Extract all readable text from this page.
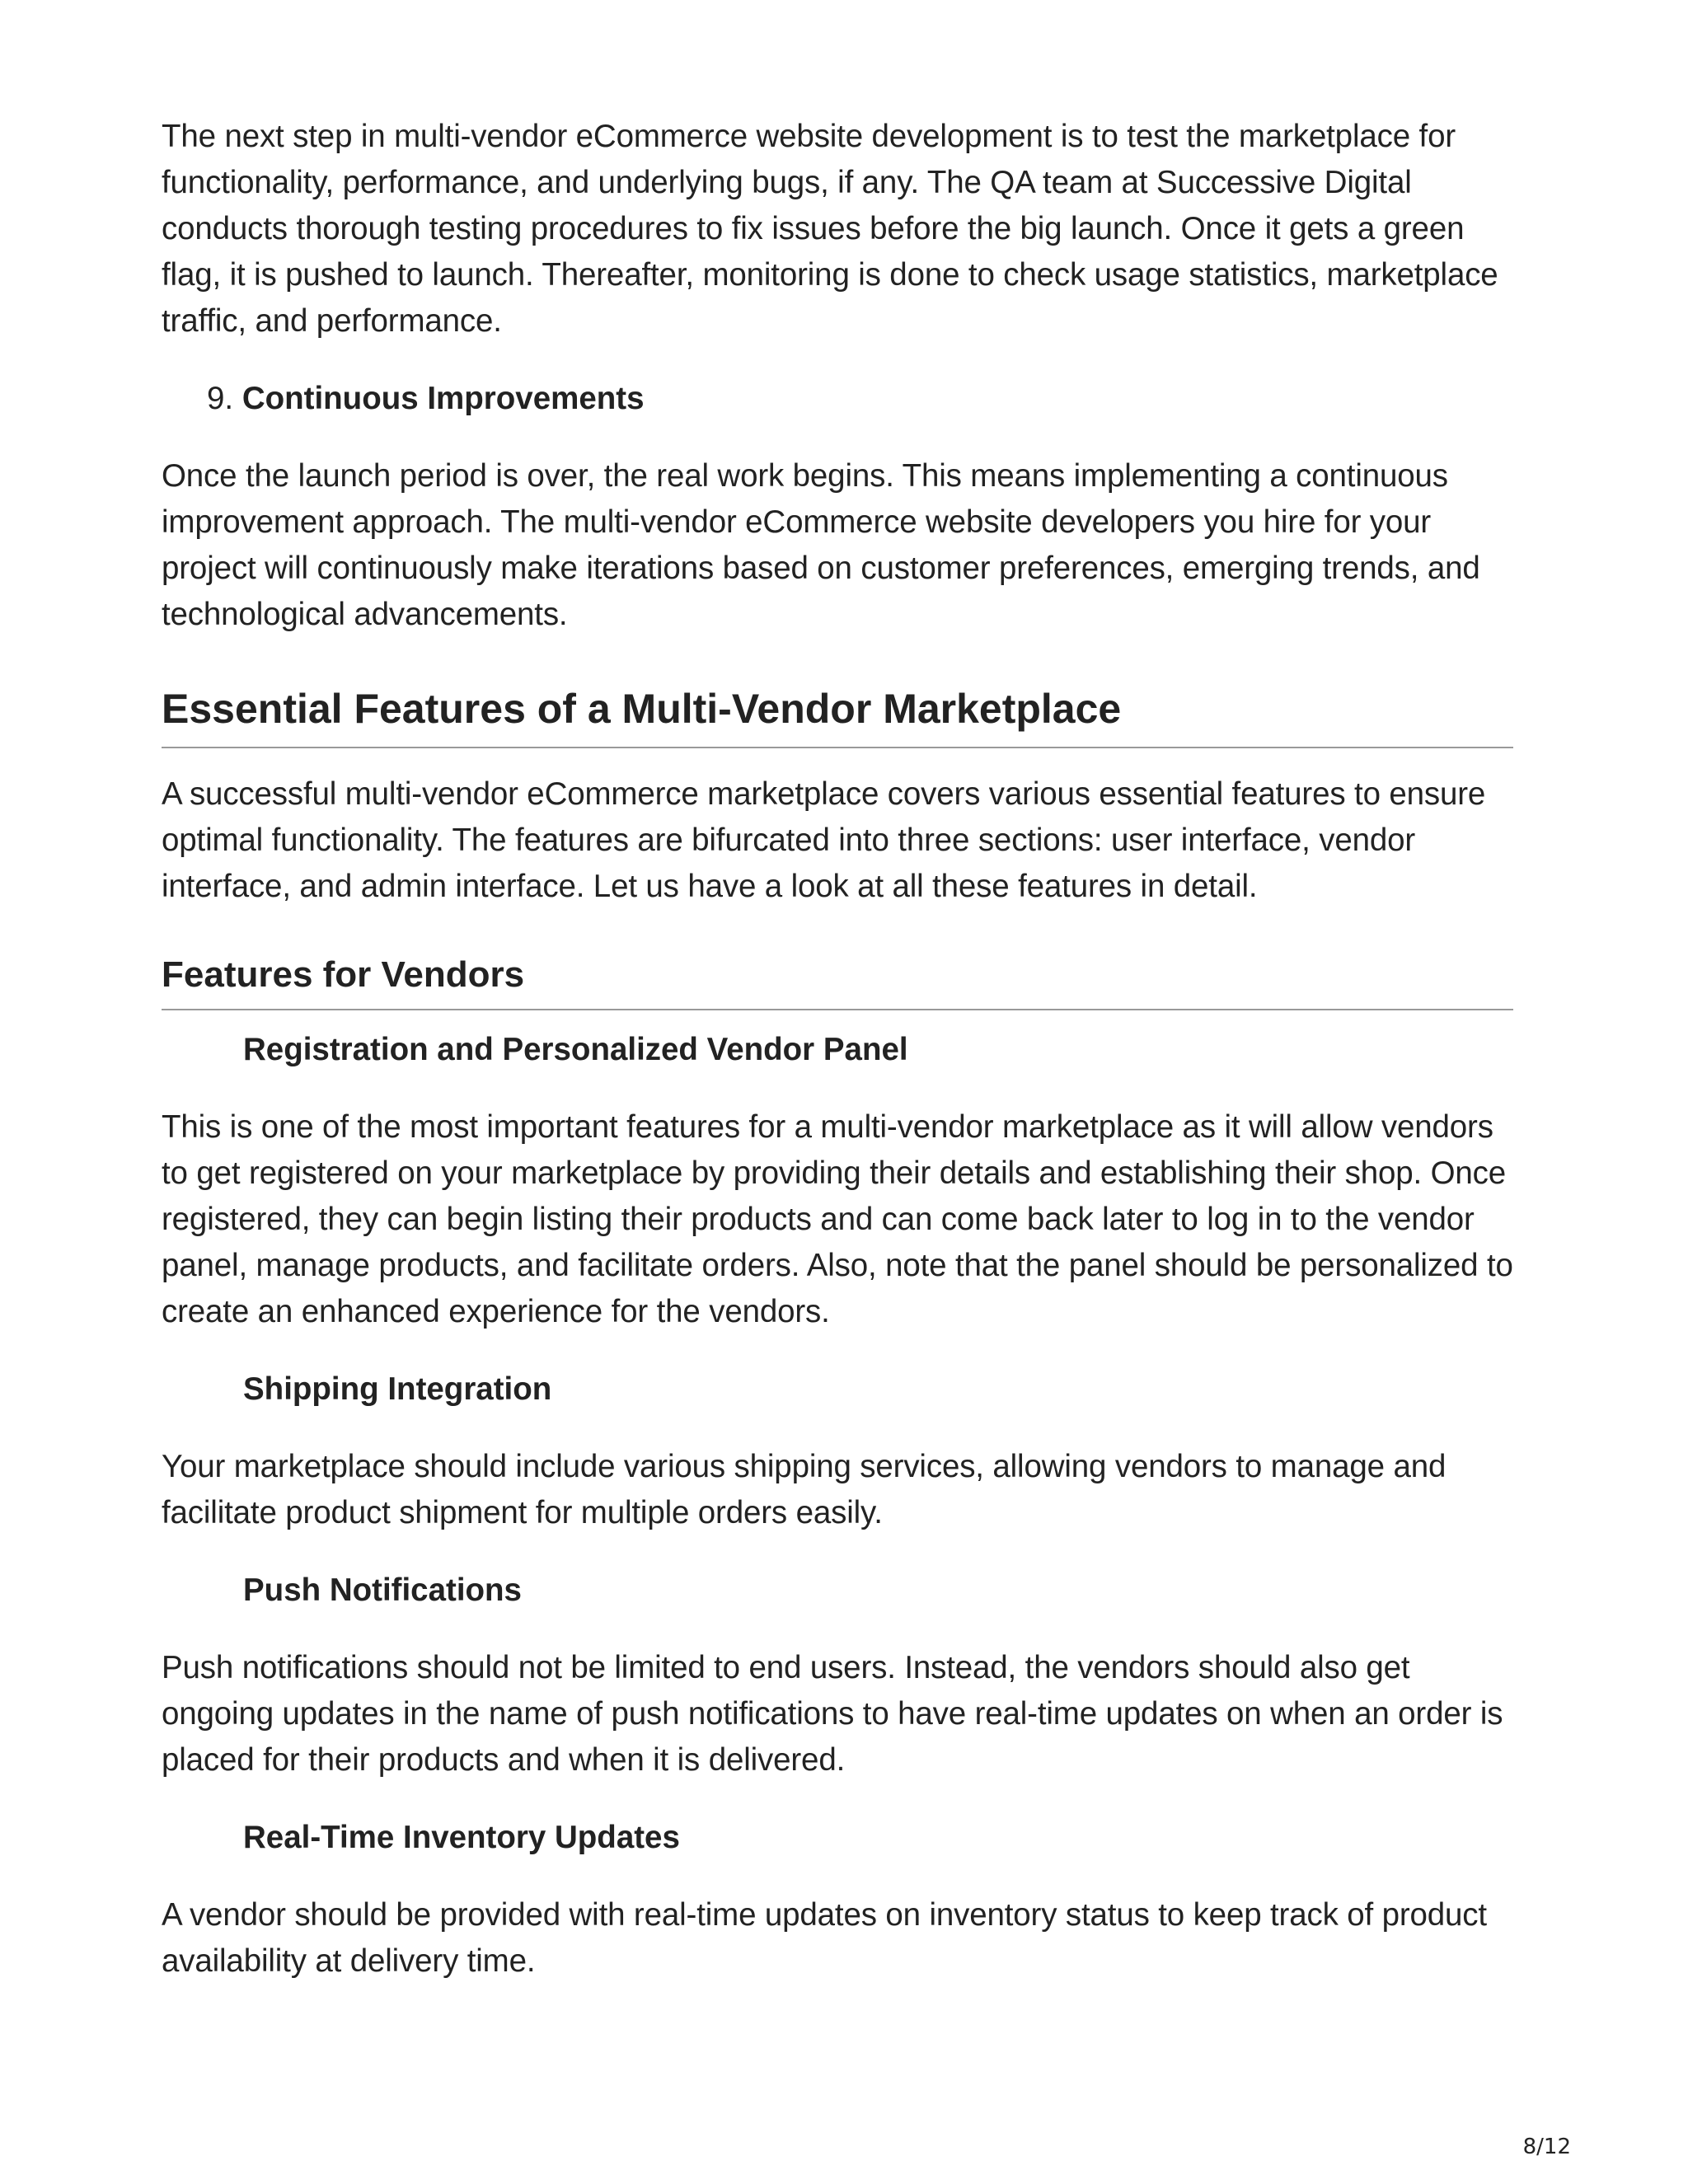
The next step in multi-vendor eCommerce website development is to test the marketplace for functionality, performance, and underlying bugs, if any. The QA team at Successive Digital conducts thorough testing procedures to fix issues before the big launch. Once it gets a green flag, it is pushed to launch. Thereafter, monitoring is done to check usage statistics, marketplace traffic, and performance.

9. Continuous Improvements

Once the launch period is over, the real work begins. This means implementing a continuous improvement approach. The multi-vendor eCommerce website developers you hire for your project will continuously make iterations based on customer preferences, emerging trends, and technological advancements.

Essential Features of a Multi-Vendor Marketplace

A successful multi-vendor eCommerce marketplace covers various essential features to ensure optimal functionality. The features are bifurcated into three sections: user interface, vendor interface, and admin interface. Let us have a look at all these features in detail.

Features for Vendors
Registration and Personalized Vendor Panel

This is one of the most important features for a multi-vendor marketplace as it will allow vendors to get registered on your marketplace by providing their details and establishing their shop. Once registered, they can begin listing their products and can come back later to log in to the vendor panel, manage products, and facilitate orders. Also, note that the panel should be personalized to create an enhanced experience for the vendors.

Shipping Integration

Your marketplace should include various shipping services, allowing vendors to manage and facilitate product shipment for multiple orders easily.

Push Notifications

Push notifications should not be limited to end users. Instead, the vendors should also get ongoing updates in the name of push notifications to have real-time updates on when an order is placed for their products and when it is delivered.

Real-Time Inventory Updates

A vendor should be provided with real-time updates on inventory status to keep track of product availability at delivery time.

8/12
